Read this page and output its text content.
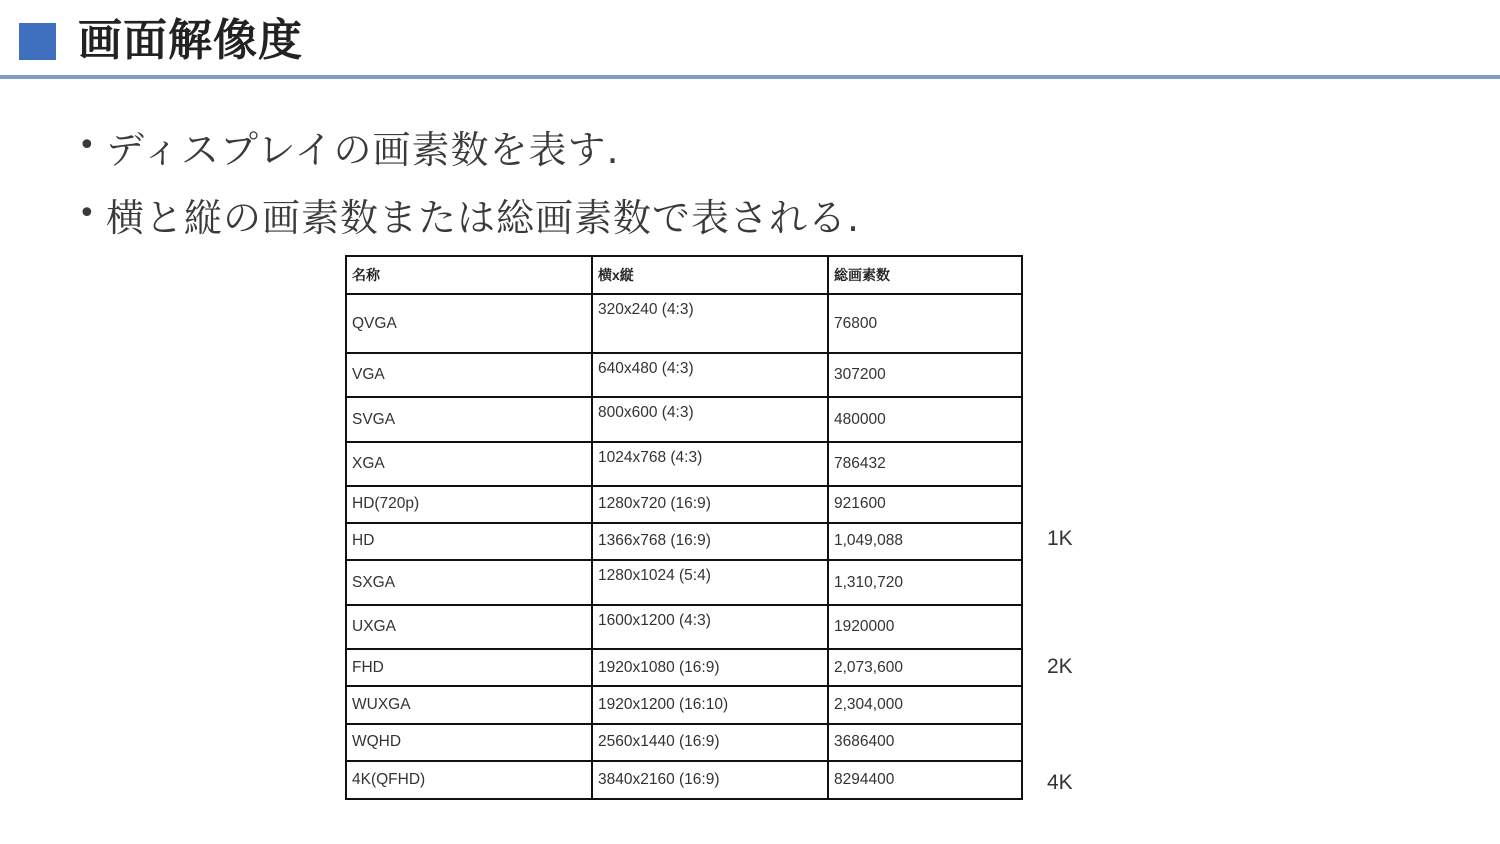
画面解像度
• ディスプレイの画素数を表す.
• 横と縦の画素数または総画素数で表される.
名称	横x縦	総画素数
QVGA	320x240 (4:3)	76800
VGA	640x480 (4:3)	307200
SVGA	800x600 (4:3)	480000
XGA	1024x768 (4:3)	786432
HD(720p)	1280x720 (16:9)	921600
HD	1366x768 (16:9)	1,049,088
SXGA	1280x1024 (5:4)	1,310,720
UXGA	1600x1200 (4:3)	1920000
FHD	1920x1080 (16:9)	2,073,600
WUXGA	1920x1200 (16:10)	2,304,000
WQHD	2560x1440 (16:9)	3686400
4K(QFHD)	3840x2160 (16:9)	8294400
1K
2K
4K
